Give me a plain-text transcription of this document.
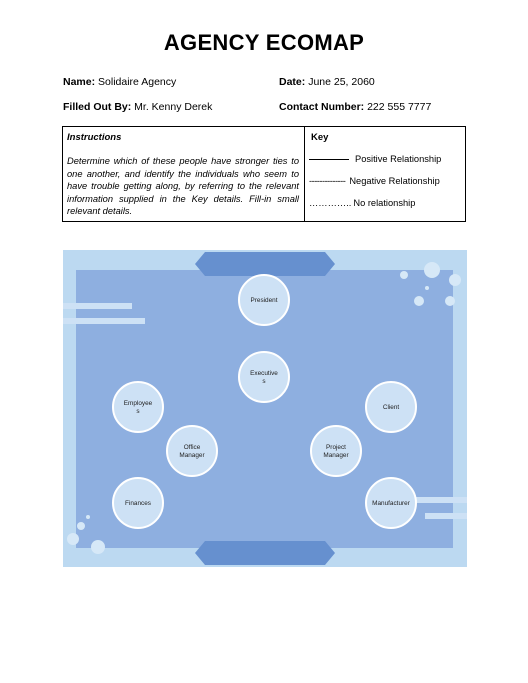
AGENCY ECOMAP
Name: Solidaire Agency	Date: June 25, 2060
Filled Out By: Mr. Kenny Derek	Contact Number: 222 555 7777
Instructions
Determine which of these people have stronger ties to one another, and identify the individuals who seem to have trouble getting along, by referring to the relevant information supplied in the Key details. Fill-in small relevant details.
Key
Positive Relationship
-------------- Negative Relationship
………….. No relationship
President
Executive
s
Employee
s
Office
Manager
Client
Project
Manager
Finances	Manufacturer
